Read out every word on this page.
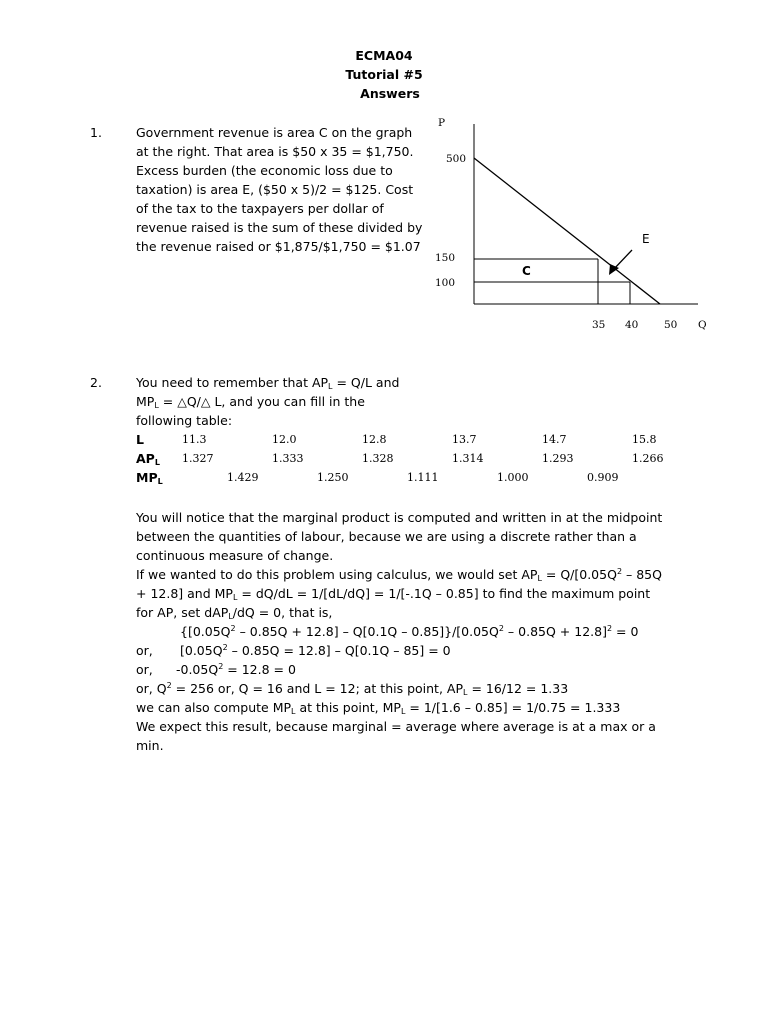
ECMA04
Tutorial #5
Answers
1.	Government revenue is area C on the graph
at the right. That area is $50 x 35 = $1,750.
Excess burden (the economic loss due to
taxation) is area E, ($50 x 5)/2 = $125. Cost
of the tax to the taxpayers per dollar of
revenue raised is the sum of these divided by
the revenue raised or $1,875/$1,750 = $1.07
P
500
150
100
35 40 50 Q
C
E
2.	You need to remember that $AP_L = Q/L$ and
$MP_L$ = △Q/△ L, and you can fill in the
following table:
L	11.3	12.0	12.8	13.7	14.7	15.8
$AP_L$ 1.327	1.333	1.328	1.314	1.293	1.266
$MP_L$	1.429	1.250	1.111	1.000	0.909
You will notice that the marginal product is computed and written in at the midpoint
between the quantities of labour, because we are using a discrete rather than a
continuous measure of change.
If we wanted to do this problem using calculus, we would set $AP_L = Q/[0.05Q^2 - 85Q$
+ 12.8] and $MP_L = dQ/dL = 1/[dL/dQ] = 1/[-.1Q - 0.85]$ to find the maximum point
for AP, set dAP$_L$/dQ = 0, that is,
$\{[0.05Q^2 - 0.85Q + 12.8] - Q[0.1Q - 0.85]\}/[0.05Q^2 - 0.85Q + 12.8]^2 = 0$
or, $[0.05Q^2 - 0.85Q = 12.8] - Q[0.1Q - 85] = 0$
or, $-0.05Q^2 = 12.8 = 0$
or, $Q^2 = 256$ or, Q = 16 and L = 12; at this point, $AP_L = 16/12 = 1.33$
we can also compute $MP_L$ at this point, $MP_L = 1/[1.6 - 0.85] = 1/0.75 = 1.333$
We expect this result, because marginal = average where average is at a max or a
min.
